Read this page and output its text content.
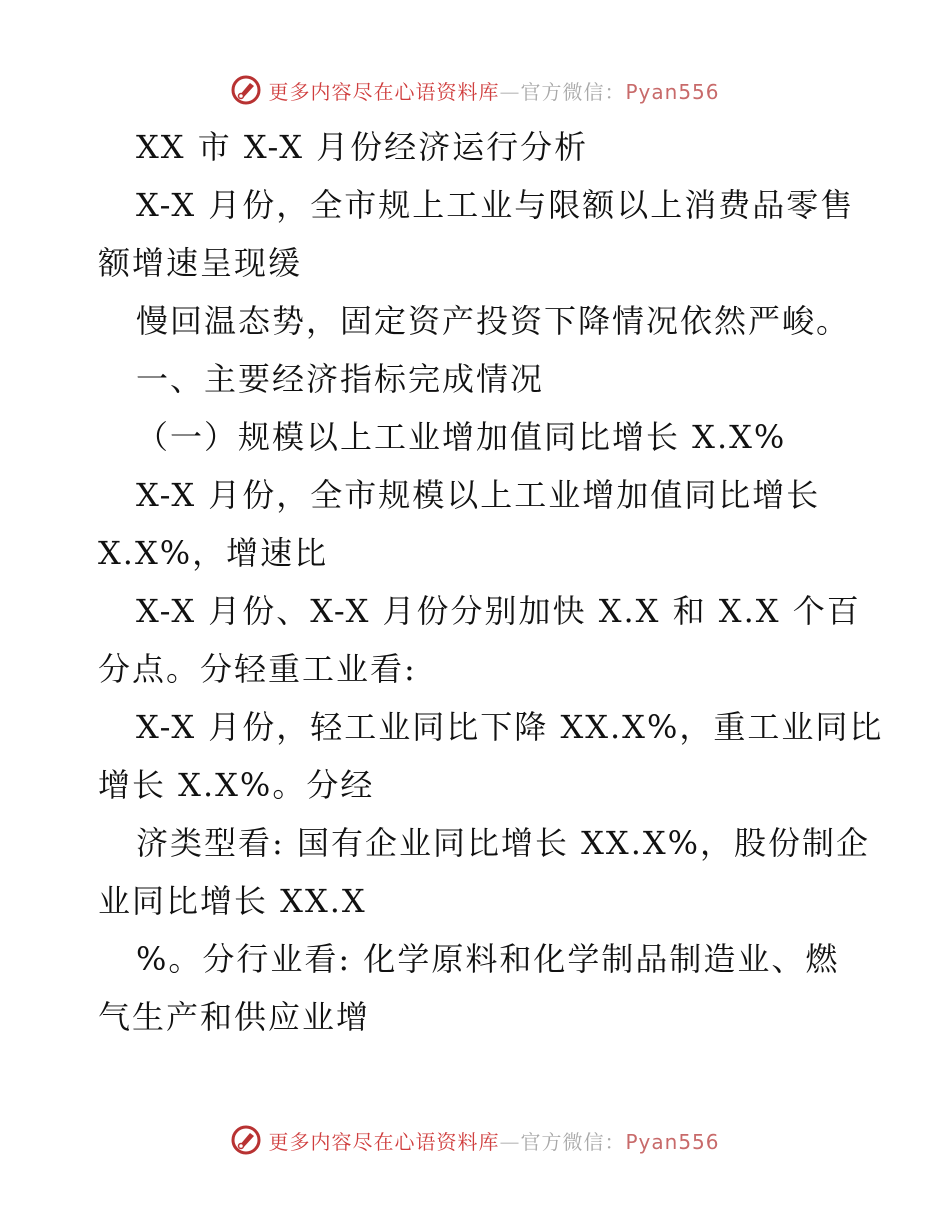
更多内容尽在心语资料库—官方微信：Pyan556
XX 市 X-X 月份经济运行分析
X-X 月份，全市规上工业与限额以上消费品零售
额增速呈现缓
慢回温态势，固定资产投资下降情况依然严峻。
一、主要经济指标完成情况
（一）规模以上工业增加值同比增长 X.X%
X-X 月份，全市规模以上工业增加值同比增长
X.X%，增速比
X-X 月份、X-X 月份分别加快 X.X 和 X.X 个百
分点。分轻重工业看:
X-X 月份，轻工业同比下降 XX.X%，重工业同比
增长 X.X%。分经
济类型看: 国有企业同比增长 XX.X%，股份制企
业同比增长 XX.X
%。分行业看: 化学原料和化学制品制造业、燃
气生产和供应业增
更多内容尽在心语资料库—官方微信：Pyan556
